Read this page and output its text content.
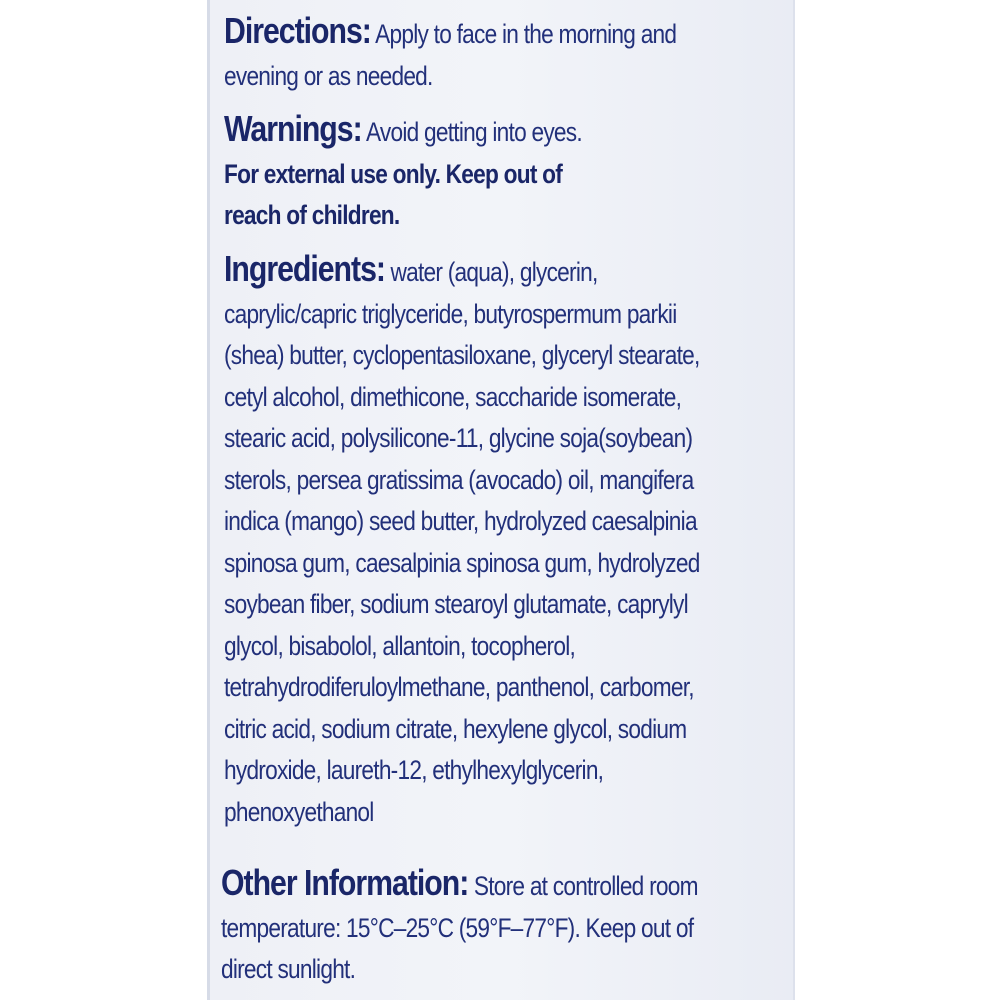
Directions: Apply to face in the morning and
evening or as needed.

Warnings: Avoid getting into eyes.
For external use only. Keep out of
reach of children.

Ingredients: water (aqua), glycerin,
caprylic/capric triglyceride, butyrospermum parkii
(shea) butter, cyclopentasiloxane, glyceryl stearate,
cetyl alcohol, dimethicone, saccharide isomerate,
stearic acid, polysilicone-11, glycine soja(soybean)
sterols, persea gratissima (avocado) oil, mangifera
indica (mango) seed butter, hydrolyzed caesalpinia
spinosa gum, caesalpinia spinosa gum, hydrolyzed
soybean fiber, sodium stearoyl glutamate, caprylyl
glycol, bisabolol, allantoin, tocopherol,
tetrahydrodiferuloylmethane, panthenol, carbomer,
citric acid, sodium citrate, hexylene glycol, sodium
hydroxide, laureth-12, ethylhexylglycerin,
phenoxyethanol

Other Information: Store at controlled room
temperature: 15°C–25°C (59°F–77°F). Keep out of
direct sunlight.
